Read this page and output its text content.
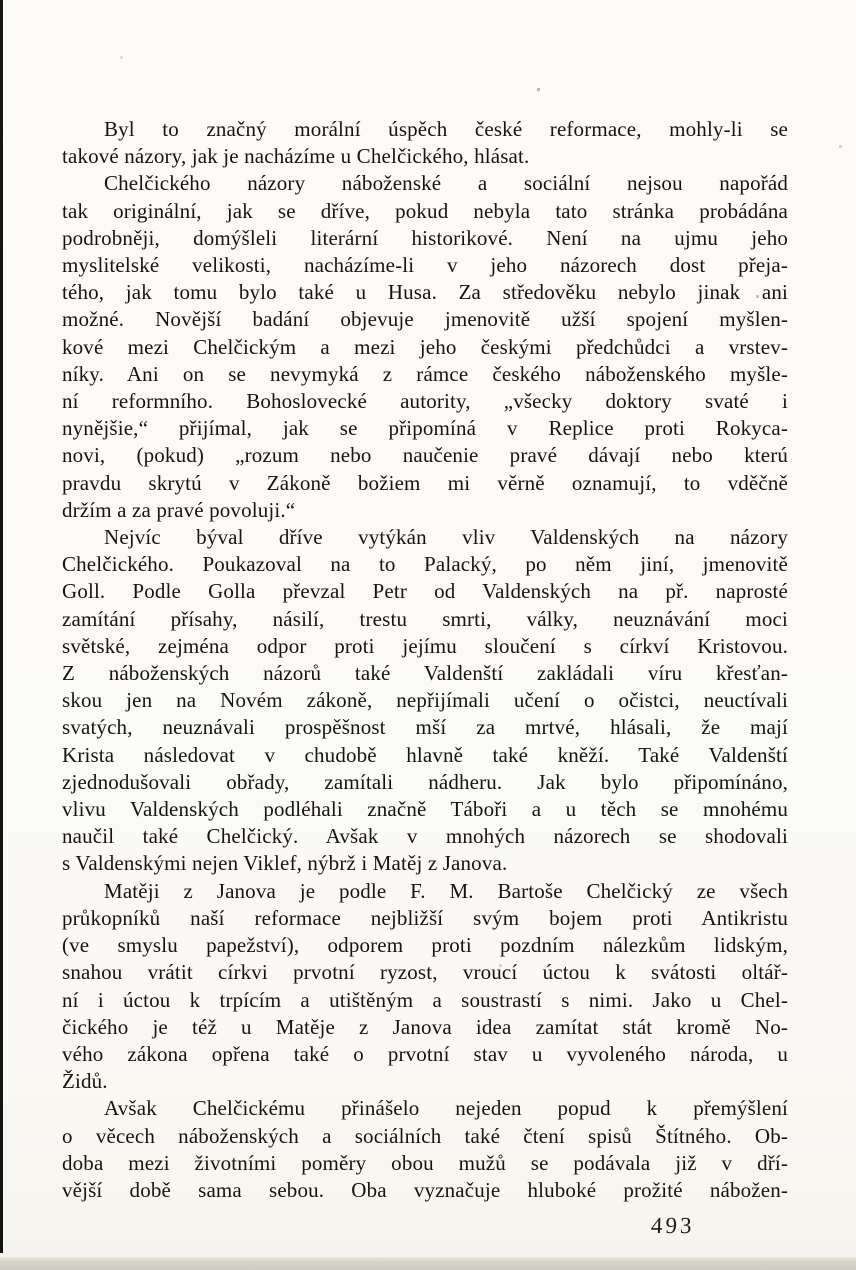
Byl to značný morální úspěch české reformace, mohly-li se
takové názory, jak je nacházíme u Chelčického, hlásat.
Chelčického názory náboženské a sociální nejsou napořád
tak originální, jak se dříve, pokud nebyla tato stránka probádána
podrobněji, domýšleli literární historikové. Není na ujmu jeho
myslitelské velikosti, nacházíme-li v jeho názorech dost přeja-
tého, jak tomu bylo také u Husa. Za středověku nebylo jinak ani
možné. Novější badání objevuje jmenovitě užší spojení myšlen-
kové mezi Chelčickým a mezi jeho českými předchůdci a vrstev-
níky. Ani on se nevymyká z rámce českého náboženského myšle-
ní reformního. Bohoslovecké autority, „všecky doktory svaté i
nynějšie,“ přijímal, jak se připomíná v Replice proti Rokyca-
novi, (pokud) „rozum nebo naučenie pravé dávají nebo kterú
pravdu skrytú v Zákoně božiem mi věrně oznamují, to vděčně
držím a za pravé povoluji.“
Nejvíc býval dříve vytýkán vliv Valdenských na názory
Chelčického. Poukazoval na to Palacký, po něm jiní, jmenovitě
Goll. Podle Golla převzal Petr od Valdenských na př. naprosté
zamítání přísahy, násilí, trestu smrti, války, neuznávání moci
světské, zejména odpor proti jejímu sloučení s církví Kristovou.
Z náboženských názorů také Valdenští zakládali víru křesťan-
skou jen na Novém zákoně, nepřijímali učení o očistci, neuctívali
svatých, neuznávali prospěšnost mší za mrtvé, hlásali, že mají
Krista následovat v chudobě hlavně také kněží. Také Valdenští
zjednodušovali obřady, zamítali nádheru. Jak bylo připomínáno,
vlivu Valdenských podléhali značně Táboři a u těch se mnohému
naučil také Chelčický. Avšak v mnohých názorech se shodovali
s Valdenskými nejen Viklef, nýbrž i Matěj z Janova.
Matěji z Janova je podle F. M. Bartoše Chelčický ze všech
průkopníků naší reformace nejbližší svým bojem proti Antikristu
(ve smyslu papežství), odporem proti pozdním nálezkům lidským,
snahou vrátit církvi prvotní ryzost, vroucí úctou k svátosti oltář-
ní i úctou k trpícím a utištěným a soustrastí s nimi. Jako u Chel-
čického je též u Matěje z Janova idea zamítat stát kromě No-
vého zákona opřena také o prvotní stav u vyvoleného národa, u
Židů.
Avšak Chelčickému přinášelo nejeden popud k přemýšlení
o věcech náboženských a sociálních také čtení spisů Štítného. Ob-
doba mezi životními poměry obou mužů se podávala již v dří-
vější době sama sebou. Oba vyznačuje hluboké prožité nábožen-
493
